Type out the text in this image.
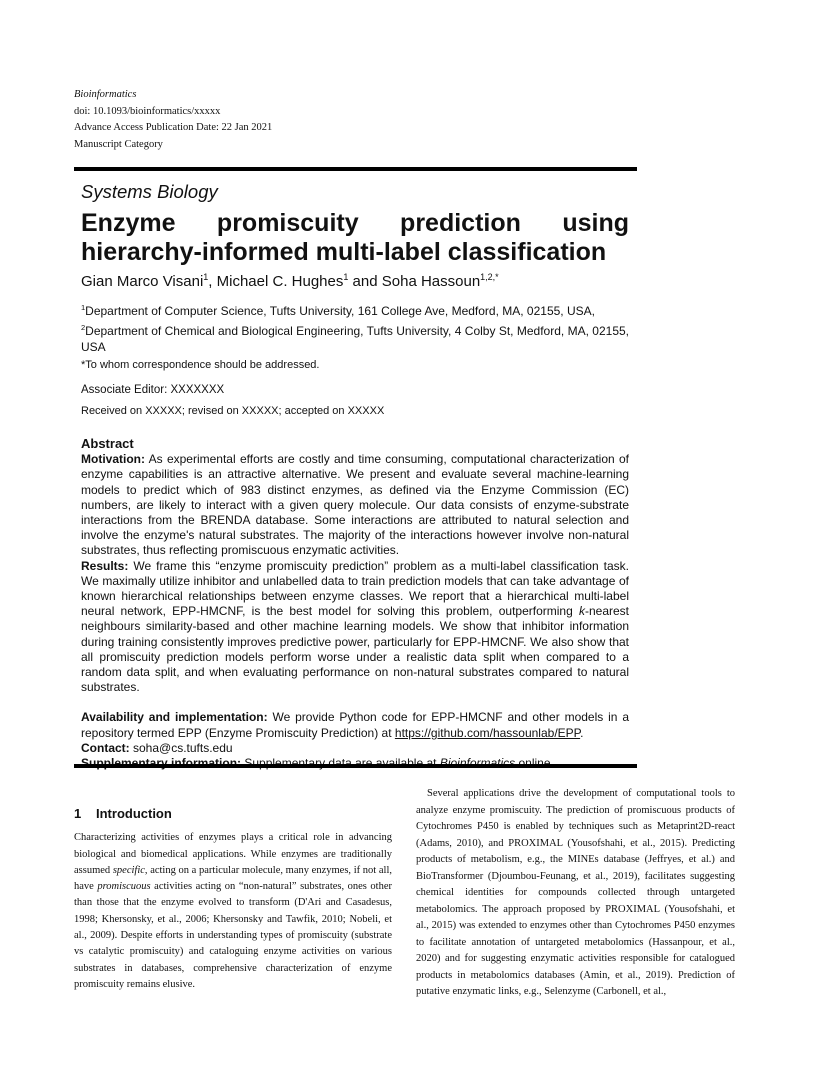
Bioinformatics
doi: 10.1093/bioinformatics/xxxxx
Advance Access Publication Date: 22 Jan 2021
Manuscript Category
Systems Biology
Enzyme promiscuity prediction using
hierarchy-informed multi-label classification
Gian Marco Visani$^1$, Michael C. Hughes$^1$ and Soha Hassoun$^{1,2,*}$
$^1$Department of Computer Science, Tufts University, 161 College Ave, Medford, MA, 02155, USA,
$^2$Department of Chemical and Biological Engineering, Tufts University, 4 Colby St, Medford, MA, 02155, USA
*To whom correspondence should be addressed.
Associate Editor: XXXXXXX
Received on XXXXX; revised on XXXXX; accepted on XXXXX
Abstract

Motivation: As experimental efforts are costly and time consuming, computational characterization of enzyme capabilities is an attractive alternative. We present and evaluate several machine-learning models to predict which of 983 distinct enzymes, as defined via the Enzyme Commission (EC) numbers, are likely to interact with a given query molecule. Our data consists of enzyme-substrate interactions from the BRENDA database. Some interactions are attributed to natural selection and involve the enzyme's natural substrates. The majority of the interactions however involve non-natural substrates, thus reflecting promiscuous enzymatic activities.

Results: We frame this “enzyme promiscuity prediction” problem as a multi-label classification task. We maximally utilize inhibitor and unlabelled data to train prediction models that can take advantage of known hierarchical relationships between enzyme classes. We report that a hierarchical multi-label neural network, EPP-HMCNF, is the best model for solving this problem, outperforming k-nearest neighbours similarity-based and other machine learning models. We show that inhibitor information during training consistently improves predictive power, particularly for EPP-HMCNF. We also show that all promiscuity prediction models perform worse under a realistic data split when compared to a random data split, and when evaluating performance on non-natural substrates compared to natural substrates.

Availability and implementation: We provide Python code for EPP-HMCNF and other models in a repository termed EPP (Enzyme Promiscuity Prediction) at https://github.com/hassounlab/EPP.

Contact: soha@cs.tufts.edu

1 Introduction

Characterizing activities of enzymes plays a critical role in advancing biological and biomedical applications. While enzymes are traditionally assumed specific, acting on a particular molecule, many enzymes, if not all, have promiscuous activities acting on “non-natural” substrates, ones other than those that the enzyme evolved to transform (D'Ari and Casadesus, 1998; Khersonsky, et al., 2006; Khersonsky and Tawfik, 2010; Nobeli, et al., 2009). Despite efforts in understanding types of promiscuity (substrate vs catalytic promiscuity) and cataloguing enzyme activities on various substrates in databases, comprehensive characterization of enzyme promiscuity remains elusive.

Several applications drive the development of computational tools to analyze enzyme promiscuity. The prediction of promiscuous products of Cytochromes P450 is enabled by techniques such as Metaprint2D-react (Adams, 2010), and PROXIMAL (Yousofshahi, et al., 2015). Predicting products of metabolism, e.g., the MINEs database (Jeffryes, et al.) and BioTransformer (Djoumbou-Feunang, et al., 2019), facilitates suggesting chemical identities for compounds collected through untargeted metabolomics. The approach proposed by PROXIMAL (Yousofshahi, et al., 2015) was extended to enzymes other than Cytochromes P450 enzymes to facilitate annotation of untargeted metabolomics (Hassanpour, et al., 2020) and for suggesting enzymatic activities responsible for catalogued products in metabolomics databases (Amin, et al., 2019). Prediction of putative enzymatic links, e.g., Selenzyme (Carbonell, et al.,
